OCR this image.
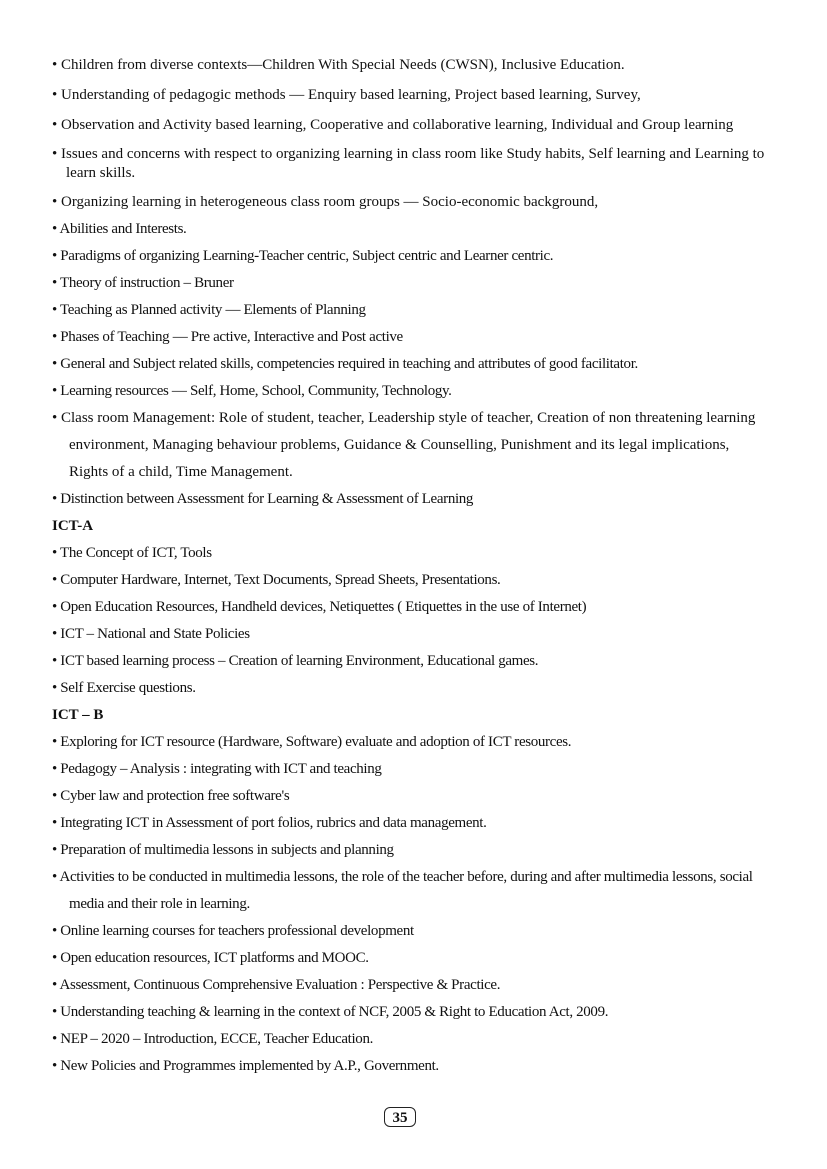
• Children from diverse contexts—Children With Special Needs (CWSN), Inclusive Education.

• Understanding of pedagogic methods — Enquiry based learning, Project based learning, Survey,

• Observation and Activity based learning, Cooperative and collaborative learning, Individual and Group learning

• Issues and concerns with respect to organizing learning in class room like Study habits, Self learning and Learning to learn skills.

• Organizing learning in heterogeneous class room groups — Socio-economic background,

• Abilities and Interests.

• Paradigms of organizing Learning-Teacher centric, Subject centric and Learner centric.

• Theory of instruction – Bruner

• Teaching as Planned activity — Elements of Planning

• Phases of Teaching — Pre active, Interactive and Post active

• General and Subject related skills, competencies required in teaching and attributes of good facilitator.

• Learning resources — Self, Home, School, Community, Technology.

• Class room Management: Role of student, teacher, Leadership style of teacher, Creation of non threatening learning environment, Managing behaviour problems, Guidance & Counselling, Punishment and its legal implications, Rights of a child, Time Management.

• Distinction between Assessment for Learning & Assessment of Learning

ICT-A

• The Concept of ICT, Tools

• Computer Hardware, Internet, Text Documents, Spread Sheets, Presentations.

• Open Education Resources, Handheld devices, Netiquettes ( Etiquettes in the use of Internet)

• ICT – National and State Policies

• ICT based learning process – Creation of learning Environment, Educational games.

• Self Exercise questions.

ICT – B

• Exploring for ICT resource (Hardware, Software) evaluate and adoption of ICT resources.

• Pedagogy – Analysis : integrating with ICT and teaching

• Cyber law and protection free software's

• Integrating ICT in Assessment of port folios, rubrics and data management.

• Preparation of multimedia lessons in subjects and planning

• Activities to be conducted in multimedia lessons, the role of the teacher before, during and after multimedia lessons, social media and their role in learning.

• Online learning courses for teachers professional development

• Open education resources, ICT platforms and MOOC.

• Assessment, Continuous Comprehensive Evaluation : Perspective & Practice.

• Understanding teaching & learning in the context of NCF, 2005 & Right to Education Act, 2009.

• NEP – 2020 – Introduction, ECCE, Teacher Education.

• New Policies and Programmes implemented by A.P., Government.

35
